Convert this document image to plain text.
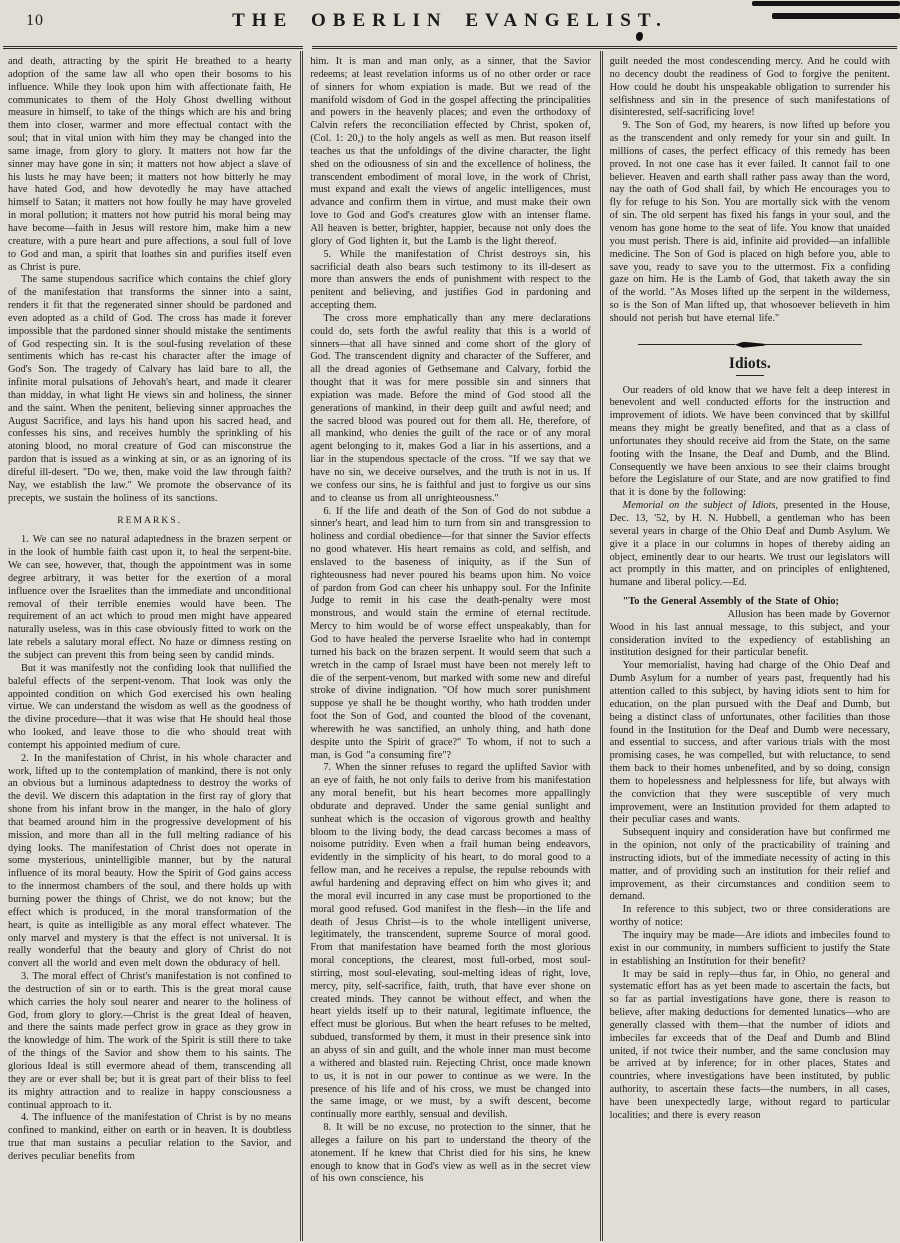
10	THE OBERLIN EVANGELIST.

and death, attracting by the spirit He breathed to a hearty adoption of the same law all who open their bosoms to his influence. While they look upon him with affectionate faith, He communicates to them of the Holy Ghost dwelling without measure in himself, to take of the things which are his and bring them into closer, warmer and more effectual contact with the soul; that in vital union with him they may be changed into the same image, from glory to glory. It matters not how far the sinner may have gone in sin; it matters not how abject a slave of his lusts he may have been; it matters not how bitterly he may have hated God, and how devotedly he may have attached himself to Satan; it matters not how foully he may have groveled in moral pollution; it matters not how putrid his moral being may have become—faith in Jesus will restore him, make him a new creature, with a pure heart and pure affections, a soul full of love to God and man, a spirit that loathes sin and purifies itself even as Christ is pure.

The same stupendous sacrifice which contains the chief glory of the manifestation that transforms the sinner into a saint, renders it fit that the regenerated sinner should be pardoned and even adopted as a child of God. The cross has made it forever impossible that the pardoned sinner should mistake the sentiments of God respecting sin. It is the soul-fusing revelation of these sentiments which has re-cast his character after the image of God's Son. The tragedy of Calvary has laid bare to all, the infinite moral pulsations of Jehovah's heart, and made it clearer than midday, in what light He views sin and holiness, the sinner and the saint. When the penitent, believing sinner approaches the August Sacrifice, and lays his hand upon his sacred head, and confesses his sins, and receives humbly the sprinkling of his atoning blood, no moral creature of God can misconstrue the pardon that is issued as a winking at sin, or as an ignoring of its direful ill-desert. "Do we, then, make void the law through faith? Nay, we establish the law." We promote the observance of its precepts, we sustain the holiness of its sanctions.

REMARKS.

1. We can see no natural adaptedness in the brazen serpent or in the look of humble faith cast upon it, to heal the serpent-bite. We can see, however, that, though the appointment was in some degree arbitrary, it was better for the exertion of a moral influence over the Israelites than the immediate and unconditional removal of their terrible enemies would have been. The requirement of an act which to proud men might have appeared naturally useless, was in this case obviously fitted to work on the late rebels a salutary moral effect. No haze or dimness resting on the subject can prevent this from being seen by candid minds.

But it was manifestly not the confiding look that nullified the baleful effects of the serpent-venom. That look was only the appointed condition on which God exercised his own healing virtue. We can understand the wisdom as well as the goodness of the divine procedure—that it was wise that He should heal those who looked, and leave those to die who should treat with contempt his appointed medium of cure.

2. In the manifestation of Christ, in his whole character and work, lifted up to the contemplation of mankind, there is not only an obvious but a luminous adaptedness to destroy the works of the devil. We discern this adaptation in the first ray of glory that shone from his infant brow in the manger, in the halo of glory that beamed around him in the progressive development of his mission, and more than all in the full melting radiance of his dying looks. The manifestation of Christ does not operate in some mysterious, unintelligible manner, but by the natural influence of its moral beauty. How the Spirit of God gains access to the innermost chambers of the soul, and there holds up with burning power the things of Christ, we do not know; but the effect which is produced, in the moral transformation of the heart, is quite as intelligible as any moral effect whatever. The only marvel and mystery is that the effect is not universal. It is really wonderful that the beauty and glory of Christ do not convert all the world and even melt down the obduracy of hell.

3. The moral effect of Christ's manifestation is not confined to the destruction of sin or to earth. This is the great moral cause which carries the holy soul nearer and nearer to the holiness of God, from glory to glory.—Christ is the great Ideal of heaven, and there the saints made perfect grow in grace as they grow in the knowledge of him. The work of the Spirit is still there to take of the things of the Savior and show them to his saints. The glorious Ideal is still evermore ahead of them, transcending all they are or ever shall be; but it is great part of their bliss to feel its mighty attraction and to realize in happy consciousness a continual approach to it.

4. The influence of the manifestation of Christ is by no means confined to mankind, either on earth or in heaven. It is doubtless true that man sustains a peculiar relation to the Savior, and derives peculiar benefits from

him. It is man and man only, as a sinner, that the Savior redeems; at least revelation informs us of no other order or race of sinners for whom expiation is made. But we read of the manifold wisdom of God in the gospel affecting the principalities and powers in the heavenly places; and even the orthodoxy of Calvin refers the reconciliation effected by Christ, spoken of, (Col. 1: 20,) to the holy angels as well as men. But reason itself teaches us that the unfoldings of the divine character, the light shed on the odiousness of sin and the excellence of holiness, the transcendent embodiment of moral love, in the work of Christ, must expand and exalt the views of angelic intelligences, must advance and confirm them in virtue, and must make their own love to God and God's creatures glow with an intenser flame. All heaven is better, brighter, happier, because not only does the glory of God lighten it, but the Lamb is the light thereof.

5. While the manifestation of Christ destroys sin, his sacrificial death also bears such testimony to its ill-desert as more than answers the ends of punishment with respect to the penitent and believing, and justifies God in pardoning and accepting them.

The cross more emphatically than any mere declarations could do, sets forth the awful reality that this is a world of sinners—that all have sinned and come short of the glory of God. The transcendent dignity and character of the Sufferer, and all the dread agonies of Gethsemane and Calvary, forbid the thought that it was for mere possible sin and sinners that expiation was made. Before the mind of God stood all the generations of mankind, in their deep guilt and awful need; and the sacred blood was poured out for them all. He, therefore, of all mankind, who denies the guilt of the race or of any moral agent belonging to it, makes God a liar in his assertions, and a liar in the stupendous spectacle of the cross. "If we say that we have no sin, we deceive ourselves, and the truth is not in us. If we confess our sins, he is faithful and just to forgive us our sins and to cleanse us from all unrighteousness."

6. If the life and death of the Son of God do not subdue a sinner's heart, and lead him to turn from sin and transgression to holiness and cordial obedience—for that sinner the Savior effects no good whatever. His heart remains as cold, and selfish, and enslaved to the baseness of iniquity, as if the Sun of righteousness had never poured his beams upon him. No voice of pardon from God can cheer his unhappy soul. For the Infinite Judge to remit in his case the death-penalty were most monstrous, and would stain the ermine of eternal rectitude. Mercy to him would be of worse effect unspeakably, than for God to have healed the perverse Israelite who had in contempt turned his back on the brazen serpent. It would seem that such a wretch in the camp of Israel must have been not merely left to die of the serpent-venom, but marked with some new and direful stroke of divine indignation. "Of how much sorer punishment suppose ye shall he be thought worthy, who hath trodden under foot the Son of God, and counted the blood of the covenant, wherewith he was sanctified, an unholy thing, and hath done despite unto the Spirit of grace?" To whom, if not to such a man, is God "a consuming fire"?

7. When the sinner refuses to regard the uplifted Savior with an eye of faith, he not only fails to derive from his manifestation any moral benefit, but his heart becomes more appallingly obdurate and depraved. Under the same genial sunlight and sunheat which is the occasion of vigorous growth and healthy bloom to the living body, the dead carcass becomes a mass of noisome putridity. Even when a frail human being endeavors, evidently in the simplicity of his heart, to do moral good to a fellow man, and he receives a repulse, the repulse rebounds with awful hardening and depraving effect on him who gives it; and the moral evil incurred in any case must be proportioned to the moral good refused. God manifest in the flesh—in the life and death of Jesus Christ—is to the whole intelligent universe, legitimately, the transcendent, supreme Source of moral good. From that manifestation have beamed forth the most glorious moral conceptions, the clearest, most full-orbed, most soul-stirring, most soul-elevating, soul-melting ideas of right, love, mercy, pity, self-sacrifice, faith, truth, that have ever shone on created minds. They cannot be without effect, and when the heart yields itself up to their natural, legitimate influence, the effect must be glorious. But when the heart refuses to be melted, subdued, transformed by them, it must in their presence sink into an abyss of sin and guilt, and the whole inner man must become a withered and blasted ruin. Rejecting Christ, once made known to us, it is not in our power to continue as we were. In the presence of his life and of his cross, we must be changed into the same image, or we must, by a swift descent, become continually more earthly, sensual and devilish.

8. It will be no excuse, no protection to the sinner, that he alleges a failure on his part to understand the theory of the atonement. If he knew that Christ died for his sins, he knew enough to know that in God's view as well as in the secret view of his own conscience, his

guilt needed the most condescending mercy. And he could with no decency doubt the readiness of God to forgive the penitent. How could he doubt his unspeakable obligation to surrender his selfishness and sin in the presence of such manifestations of disinterested, self-sacrificing love!

9. The Son of God, my hearers, is now lifted up before you as the transcendent and only remedy for your sin and guilt. In millions of cases, the perfect efficacy of this remedy has been proved. In not one case has it ever failed. It cannot fail to one believer. Heaven and earth shall rather pass away than the word, nay the oath of God shall fail, by which He encourages you to fly for refuge to his Son. You are mortally sick with the venom of sin. The old serpent has fixed his fangs in your soul, and the venom has gone home to the seat of life. You know that unaided you must perish. There is aid, infinite aid provided—an infallible medicine. The Son of God is placed on high before you, able to save you, ready to save you to the uttermost. Fix a confiding gaze on him. He is the Lamb of God, that taketh away the sin of the world. "As Moses lifted up the serpent in the wilderness, so is the Son of Man lifted up, that whosoever believeth in him should not perish but have eternal life."

Idiots.

Our readers of old know that we have felt a deep interest in benevolent and well conducted efforts for the instruction and improvement of idiots. We have been convinced that by skillful means they might be greatly benefited, and that as a class of unfortunates they should receive aid from the State, on the same footing with the Insane, the Deaf and Dumb, and the Blind. Consequently we have been anxious to see their claims brought before the Legislature of our State, and are now gratified to find that it is done by the following:

Memorial on the subject of Idiots, presented in the House, Dec. 13, '52, by H. N. Hubbell, a gentleman who has been several years in charge of the Ohio Deaf and Dumb Asylum. We give it a place in our columns in hopes of thereby aiding an object, eminently dear to our hearts. We trust our legislators will act promptly in this matter, and on principles of enlightened, humane and liberal policy.—Ed.

"To the General Assembly of the State of Ohio;

Allusion has been made by Governor Wood in his last annual message, to this subject, and your consideration invited to the expediency of establishing an institution designed for their particular benefit.

Your memorialist, having had charge of the Ohio Deaf and Dumb Asylum for a number of years past, frequently had his attention called to this subject, by having idiots sent to him for education, on the plan pursued with the Deaf and Dumb, but being a distinct class of unfortunates, other facilities than those found in the Institution for the Deaf and Dumb were necessary, and essential to success, and after various trials with the most promising cases, he was compelled, but with reluctance, to send them back to their homes unbenefited, and by so doing, consign them to hopelessness and helplessness for life, but always with the conviction that they were susceptible of very much improvement, were an Institution provided for them adapted to their peculiar cases and wants.

Subsequent inquiry and consideration have but confirmed me in the opinion, not only of the practicability of training and instructing idiots, but of the immediate necessity of acting in this matter, and of providing such an institution for their relief and improvement, as their circumstances and condition seem to demand.

In reference to this subject, two or three considerations are worthy of notice:

The inquiry may be made—Are idiots and imbeciles found to exist in our community, in numbers sufficient to justify the State in establishing an Institution for their benefit?

It may be said in reply—thus far, in Ohio, no general and systematic effort has as yet been made to ascertain the facts, but so far as partial investigations have gone, there is reason to believe, after making deductions for demented lunatics—who are generally classed with them—that the number of idiots and imbeciles far exceeds that of the Deaf and Dumb and Blind united, if not twice their number, and the same conclusion may be arrived at by inference; for in other places, States and countries, where investigations have been instituted, by public authority, to ascertain these facts—the numbers, in all cases, have been unexpectedly large, without regard to particular localities; and there is every reason
